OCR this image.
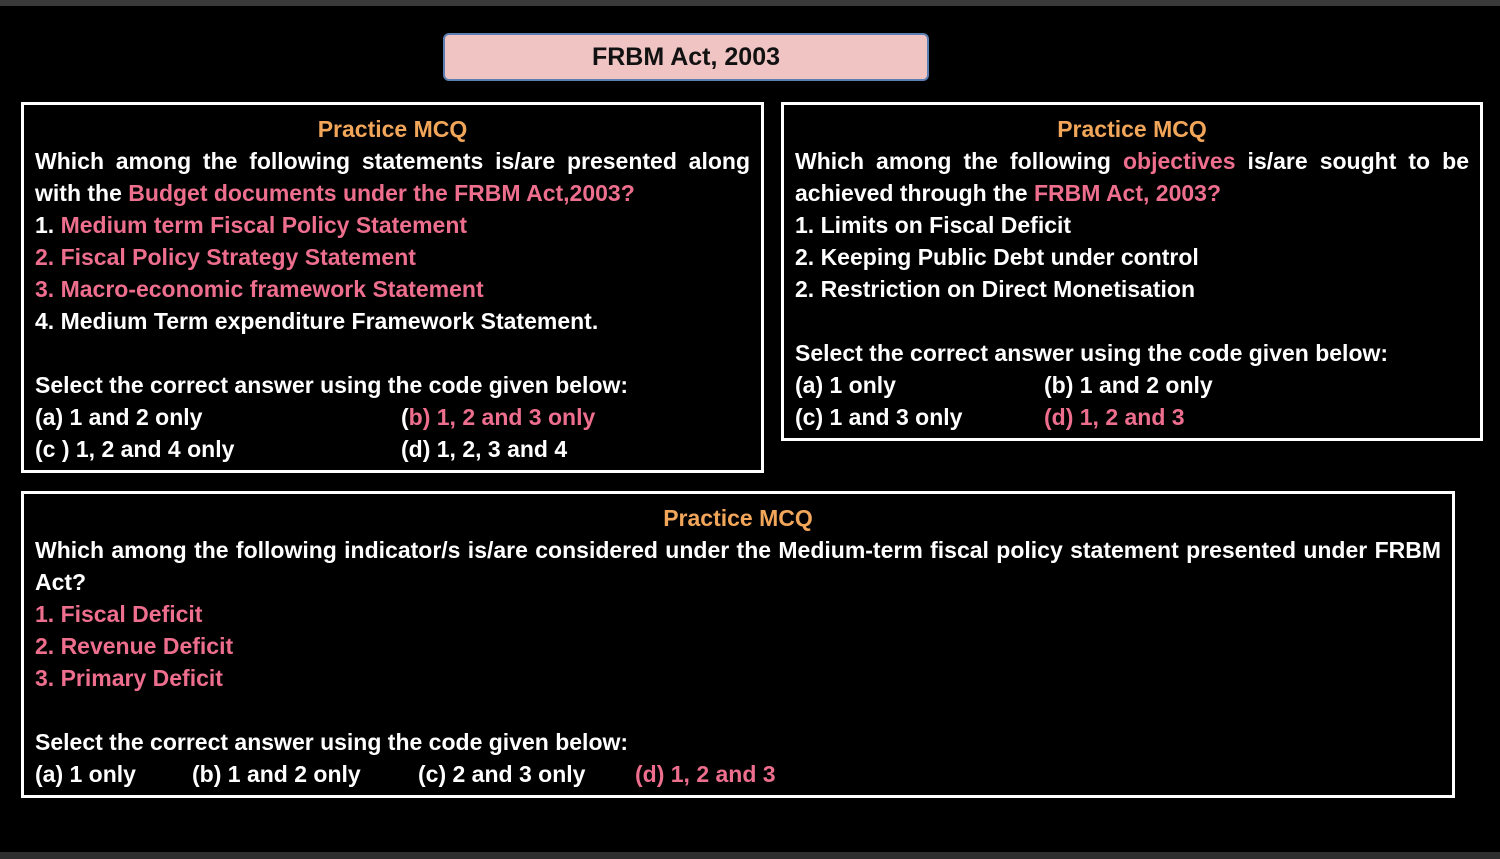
FRBM Act, 2003
Practice MCQ
Which among the following statements is/are presented along with the Budget documents under the FRBM Act,2003?
1. Medium term Fiscal Policy Statement
2. Fiscal Policy Strategy Statement
3. Macro-economic framework Statement
4. Medium Term expenditure Framework Statement.
Select the correct answer using the code given below:
(a) 1 and 2 only	(b) 1, 2 and 3 only
(c ) 1, 2 and 4 only	(d) 1, 2, 3 and 4
Practice MCQ
Which among the following objectives is/are sought to be achieved through the FRBM Act, 2003?
1. Limits on Fiscal Deficit
2. Keeping Public Debt under control
2. Restriction on Direct Monetisation
Select the correct answer using the code given below:
(a) 1 only	(b) 1 and 2 only
(c) 1 and 3 only	(d) 1, 2 and 3
Practice MCQ
Which among the following indicator/s is/are considered under the Medium-term fiscal policy statement presented under FRBM Act?
1. Fiscal Deficit
2. Revenue Deficit
3. Primary Deficit
Select the correct answer using the code given below:
(a) 1 only	(b) 1 and 2 only	(c) 2 and 3 only	(d) 1, 2 and 3
